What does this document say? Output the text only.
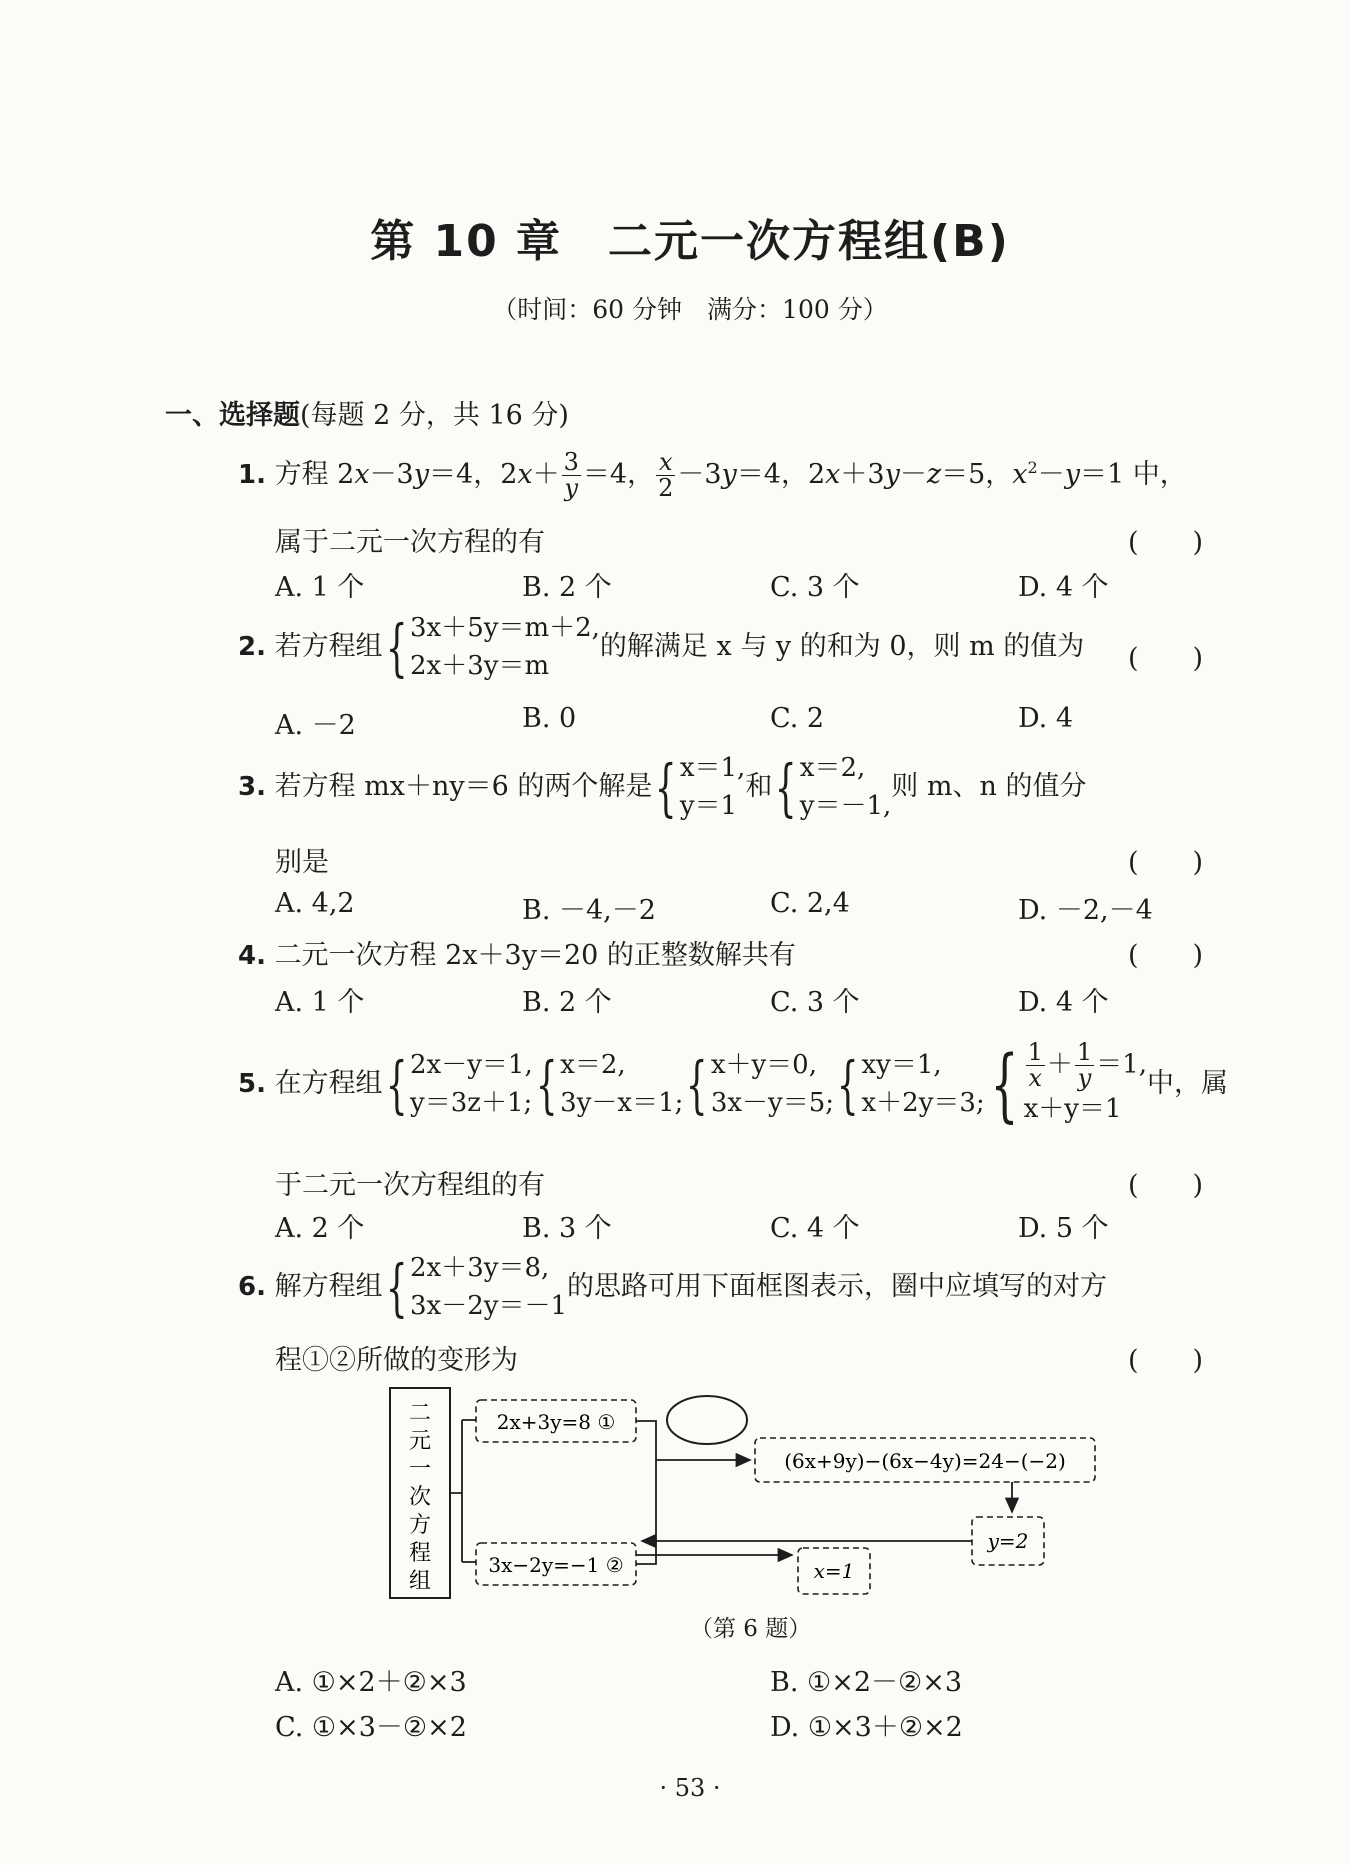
第 10 章　二元一次方程组(B)
（时间：60 分钟　满分：100 分）
一、选择题(每题 2 分，共 16 分)
1. 方程 2x－3y＝4，$2x+ \frac{3}{y} =4$， $\frac{x}{2} -3y=4$，2x＋3y－z＝5，$x^2-y=1$ 中，
属于二元一次方程的有	(　　)
A. 1 个	B. 2 个	C. 3 个	D. 4 个
2. 若方程组 { 3x＋5y＝m＋2,
2x＋3y＝m
的解满足 x 与 y 的和为 0，则 m 的值为 (　　)
A. －2	B. 0	C. 2	D. 4
3. 若方程 mx＋ny＝6 的两个解是 { x＝1,
y＝1
和 { x＝2,
y＝－1,
则 m、n 的值分
别是	(　　)
A. 4,2	B. －4,－2	C. 2,4	D. －2,－4
4. 二元一次方程 2x＋3y＝20 的正整数解共有	(　　)
A. 1 个	B. 2 个	C. 3 个	D. 4 个
5. 在方程组 { 2x－y＝1,
y＝3z＋1; { x＝2,
3y－x＝1; { x＋y＝0,
3x－y＝5; { xy＝1,
x＋2y＝3; { $\frac{1}{x} + \frac{1}{y} =1$,
x＋y＝1
中，属
于二元一次方程组的有	(　　)
A. 2 个	B. 3 个	C. 4 个	D. 5 个
6. 解方程组 { 2x＋3y＝8,
3x－2y＝－1
的思路可用下面框图表示，圈中应填写的对方
程①②所做的变形为	(　　)
二
元
一
次
方
程
组
2x+3y=8 ①
3x−2y=−1 ②
(6x+9y)−(6x−4y)=24−(−2)
y=2
x=1
（第 6 题）
A. ①×2＋②×3	B. ①×2－②×3
C. ①×3－②×2	D. ①×3＋②×2
· 53 ·
